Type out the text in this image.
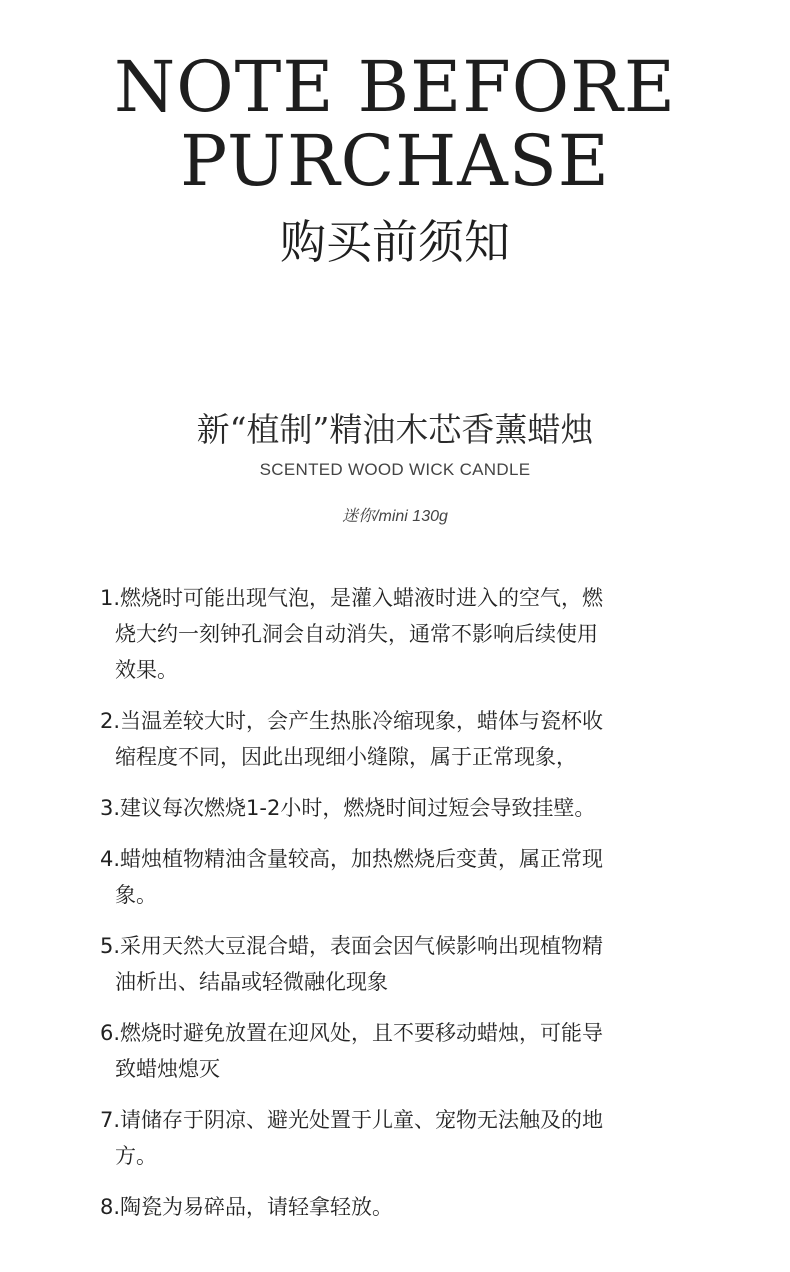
NOTE BEFORE
PURCHASE
购买前须知
新“植制”精油木芯香薰蜡烛
SCENTED WOOD WICK CANDLE
迷你/mini 130g
1.燃烧时可能出现气泡，是灌入蜡液时进入的空气，燃
烧大约一刻钟孔洞会自动消失，通常不影响后续使用
效果。
2.当温差较大时，会产生热胀冷缩现象，蜡体与瓷杯收
缩程度不同，因此出现细小缝隙，属于正常现象，
3.建议每次燃烧1-2小时，燃烧时间过短会导致挂壁。
4.蜡烛植物精油含量较高，加热燃烧后变黄，属正常现
象。
5.采用天然大豆混合蜡，表面会因气候影响出现植物精
油析出、结晶或轻微融化现象
6.燃烧时避免放置在迎风处，且不要移动蜡烛，可能导
致蜡烛熄灭
7.请储存于阴凉、避光处置于儿童、宠物无法触及的地
方。
8.陶瓷为易碎品，请轻拿轻放。
